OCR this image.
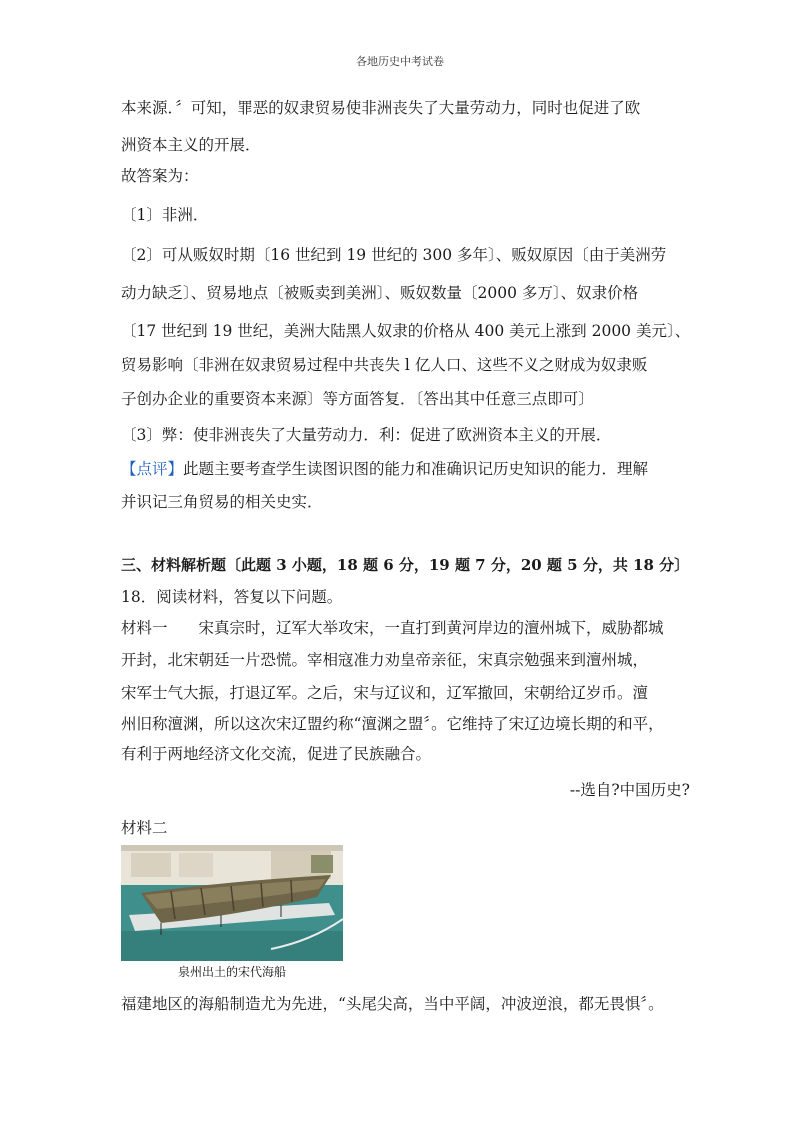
各地历史中考试卷
本来源．〞可知，罪恶的奴隶贸易使非洲丧失了大量劳动力，同时也促进了欧
洲资本主义的开展．
故答案为：
〔1〕非洲．
〔2〕可从贩奴时期〔16 世纪到 19 世纪的 300 多年〕、贩奴原因〔由于美洲劳
动力缺乏〕、贸易地点〔被贩卖到美洲〕、贩奴数量〔2000 多万〕、奴隶价格
〔17 世纪到 19 世纪，美洲大陆黑人奴隶的价格从 400 美元上涨到 2000 美元〕、
贸易影响〔非洲在奴隶贸易过程中共丧失 l 亿人口、这些不义之财成为奴隶贩
子创办企业的重要资本来源〕等方面答复．〔答出其中任意三点即可〕
〔3〕弊：使非洲丧失了大量劳动力．利：促进了欧洲资本主义的开展．
【点评】此题主要考查学生读图识图的能力和准确识记历史知识的能力．理解
并识记三角贸易的相关史实．
三、材料解析题〔此题 3 小题，18 题 6 分，19 题 7 分，20 题 5 分，共 18 分〕
18．阅读材料，答复以下问题。
材料一　　宋真宗时，辽军大举攻宋，一直打到黄河岸边的澶州城下，威胁都城
开封，北宋朝廷一片恐慌。宰相寇准力劝皇帝亲征，宋真宗勉强来到澶州城，
宋军士气大振，打退辽军。之后，宋与辽议和，辽军撤回，宋朝给辽岁币。澶
州旧称澶渊，所以这次宋辽盟约称“澶渊之盟〞。它维持了宋辽边境长期的和平，
有利于两地经济文化交流，促进了民族融合。
--选自?中国历史?
材料二
泉州出土的宋代海船
福建地区的海船制造尤为先进，“头尾尖高，当中平阔，冲波逆浪，都无畏惧〞。
